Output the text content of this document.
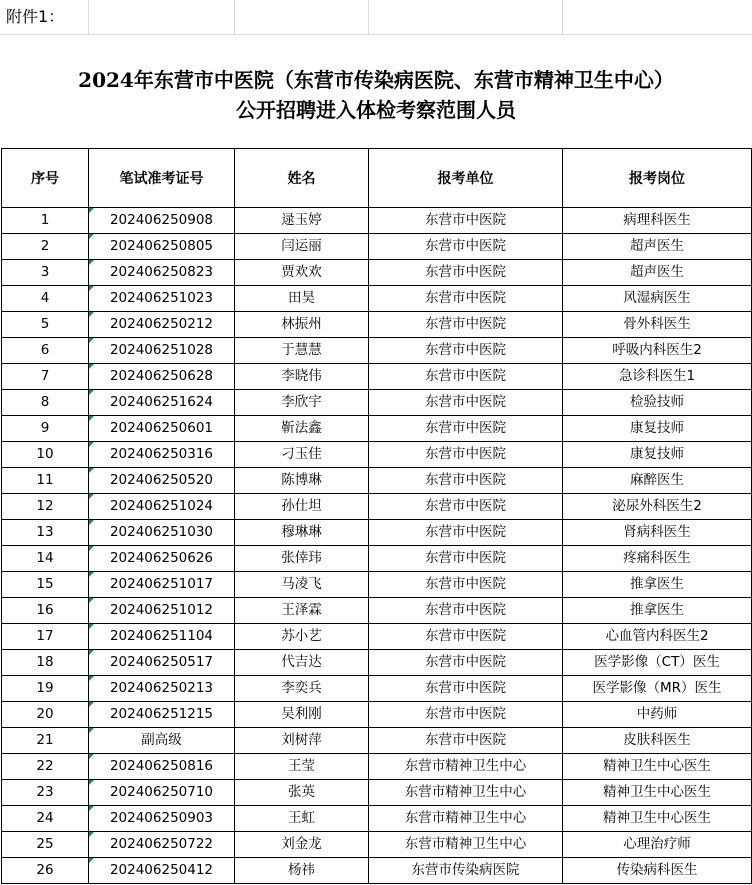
附件1：
2024年东营市中医院（东营市传染病医院、东营市精神卫生中心）
公开招聘进入体检考察范围人员
序号	笔试准考证号	姓名	报考单位	报考岗位
1	202406250908	逯玉婷	东营市中医院	病理科医生
2	202406250805	闫运丽	东营市中医院	超声医生
3	202406250823	贾欢欢	东营市中医院	超声医生
4	202406251023	田昊	东营市中医院	风湿病医生
5	202406250212	林振州	东营市中医院	骨外科医生
6	202406251028	于慧慧	东营市中医院	呼吸内科医生2
7	202406250628	李晓伟	东营市中医院	急诊科医生1
8	202406251624	李欣宇	东营市中医院	检验技师
9	202406250601	靳法鑫	东营市中医院	康复技师
10	202406250316	刁玉佳	东营市中医院	康复技师
11	202406250520	陈博琳	东营市中医院	麻醉医生
12	202406251024	孙仕坦	东营市中医院	泌尿外科医生2
13	202406251030	穆琳琳	东营市中医院	肾病科医生
14	202406250626	张倖玮	东营市中医院	疼痛科医生
15	202406251017	马凌飞	东营市中医院	推拿医生
16	202406251012	王泽霖	东营市中医院	推拿医生
17	202406251104	苏小艺	东营市中医院	心血管内科医生2
18	202406250517	代吉达	东营市中医院	医学影像（CT）医生
19	202406250213	李奕兵	东营市中医院	医学影像（MR）医生
20	202406251215	吴利刚	东营市中医院	中药师
21	副高级	刘树萍	东营市中医院	皮肤科医生
22	202406250816	王莹	东营市精神卫生中心	精神卫生中心医生
23	202406250710	张英	东营市精神卫生中心	精神卫生中心医生
24	202406250903	王虹	东营市精神卫生中心	精神卫生中心医生
25	202406250722	刘金龙	东营市精神卫生中心	心理治疗师
26	202406250412	杨祎	东营市传染病医院	传染病科医生
